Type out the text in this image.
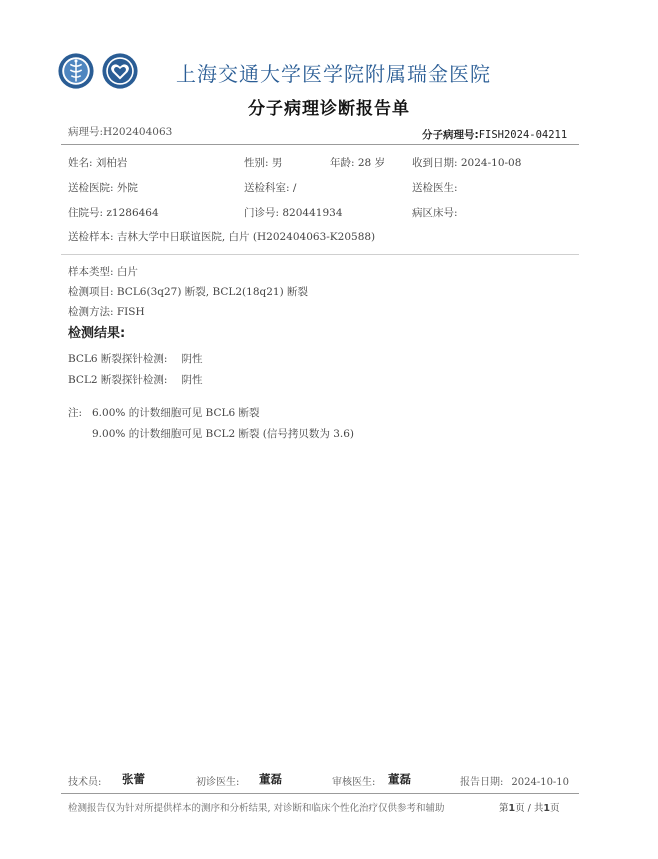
上海交通大学医学院附属瑞金医院
分子病理诊断报告单
病理号:H202404063	分子病理号:FISH2024-04211
姓名: 刘柏岩	性别: 男	年龄: 28 岁	收到日期: 2024-10-08
送检医院: 外院	送检科室: /	送检医生:
住院号: z1286464	门诊号: 820441934	病区床号:
送检样本: 吉林大学中日联谊医院, 白片 (H202404063-K20588)
样本类型: 白片
检测项目: BCL6(3q27) 断裂, BCL2(18q21) 断裂
检测方法: FISH
检测结果:
BCL6 断裂探针检测: 阴性
BCL2 断裂探针检测: 阴性
注: 6.00% 的计数细胞可见 BCL6 断裂
9.00% 的计数细胞可见 BCL2 断裂 (信号拷贝数为 3.6)
技术员: 张蕾	初诊医生: 董磊	审核医生: 董磊	报告日期: 2024-10-10
检测报告仅为针对所提供样本的测序和分析结果, 对诊断和临床个性化治疗仅供参考和辅助	第1页 / 共1页
